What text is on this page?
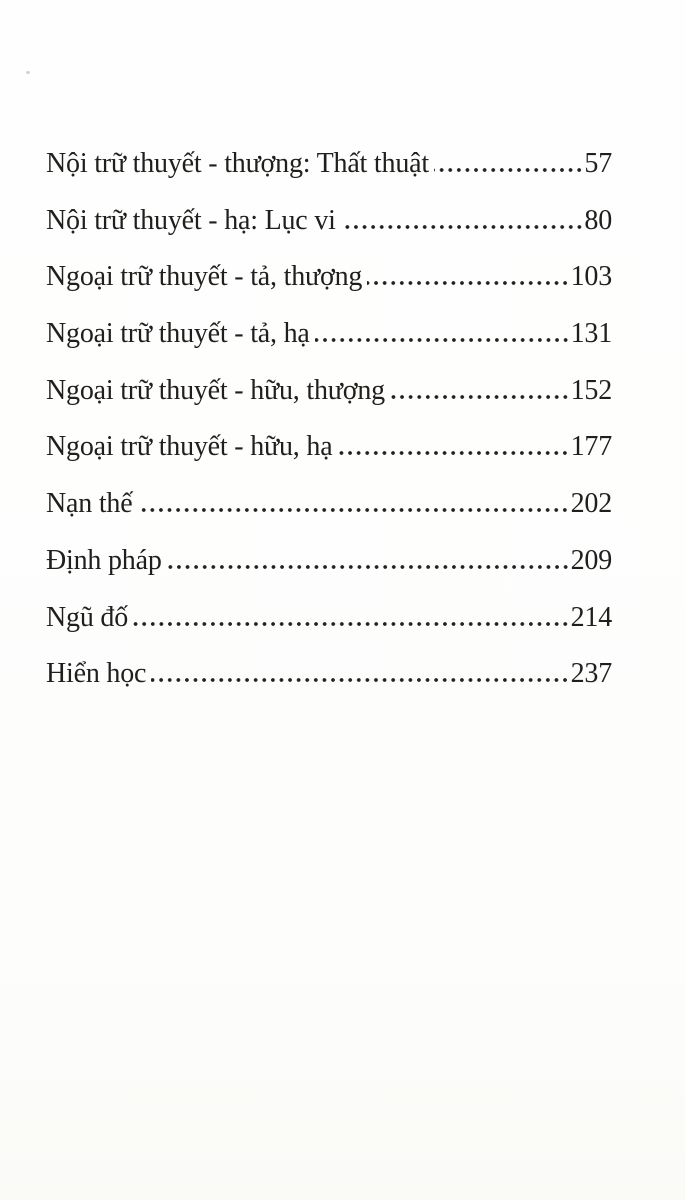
Nội trữ thuyết - thượng: Thất thuật	57
Nội trữ thuyết - hạ: Lục vi	80
Ngoại trữ thuyết - tả, thượng	103
Ngoại trữ thuyết - tả, hạ	131
Ngoại trữ thuyết - hữu, thượng	152
Ngoại trữ thuyết - hữu, hạ	177
Nạn thế	202
Định pháp	209
Ngũ đố	214
Hiển học	237
